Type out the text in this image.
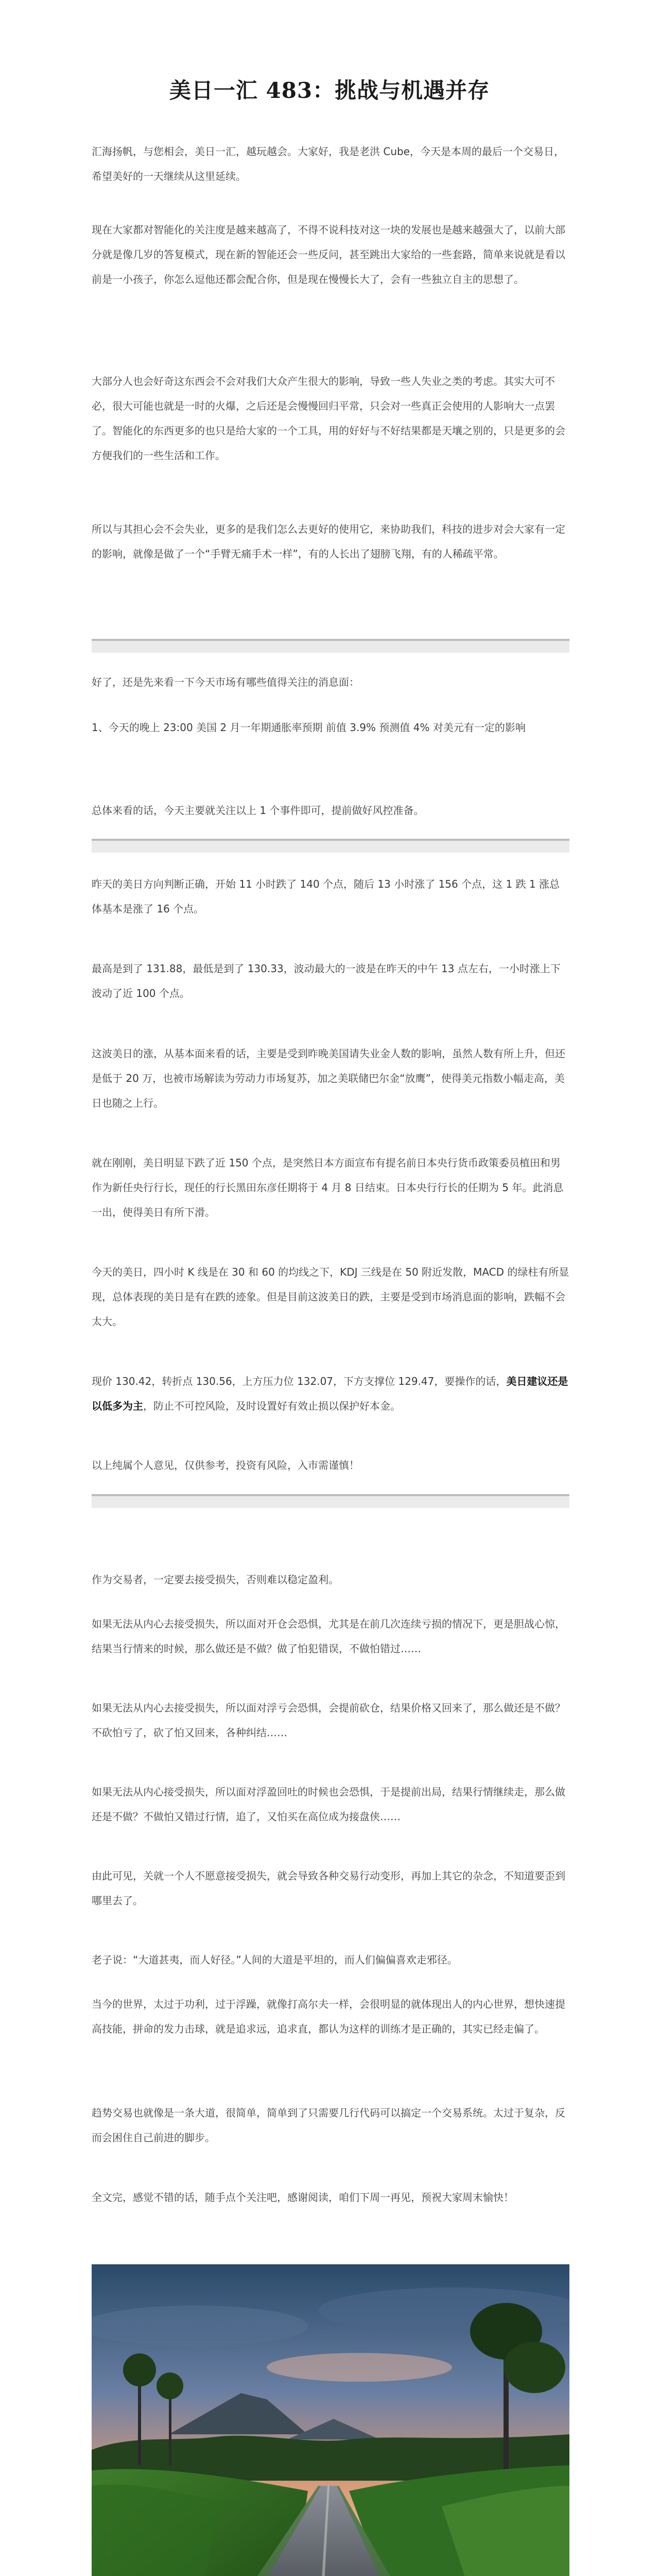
美日一汇 483：挑战与机遇并存

汇海扬帆，与您相会，美日一汇，越玩越会。大家好，我是老洪 Cube，今天是本周的最后一个交易日，希望美好的一天继续从这里延续。

现在大家都对智能化的关注度是越来越高了，不得不说科技对这一块的发展也是越来越强大了，以前大部分就是像几岁的答复模式，现在新的智能还会一些反问，甚至跳出大家给的一些套路，简单来说就是看以前是一小孩子，你怎么逗他还都会配合你，但是现在慢慢长大了，会有一些独立自主的思想了。

大部分人也会好奇这东西会不会对我们大众产生很大的影响，导致一些人失业之类的考虑。其实大可不必，很大可能也就是一时的火爆，之后还是会慢慢回归平常，只会对一些真正会使用的人影响大一点罢了。智能化的东西更多的也只是给大家的一个工具，用的好好与不好结果都是天壤之别的，只是更多的会方便我们的一些生活和工作。

所以与其担心会不会失业，更多的是我们怎么去更好的使用它，来协助我们，科技的进步对会大家有一定的影响，就像是做了一个“手臂无痛手术一样”，有的人长出了翅膀飞翔，有的人稀疏平常。

好了，还是先来看一下今天市场有哪些值得关注的消息面：

1、今天的晚上 23:00 美国 2 月一年期通胀率预期 前值 3.9% 预测值 4% 对美元有一定的影响

总体来看的话，今天主要就关注以上 1 个事件即可，提前做好风控准备。

昨天的美日方向判断正确，开始 11 小时跌了 140 个点，随后 13 小时涨了 156 个点，这 1 跌 1 涨总体基本是涨了 16 个点。

最高是到了 131.88，最低是到了 130.33，波动最大的一波是在昨天的中午 13 点左右，一小时涨上下波动了近 100 个点。

这波美日的涨，从基本面来看的话，主要是受到昨晚美国请失业金人数的影响，虽然人数有所上升，但还是低于 20 万，也被市场解读为劳动力市场复苏，加之美联储巴尔金“放鹰”，使得美元指数小幅走高，美日也随之上行。

就在刚刚，美日明显下跌了近 150 个点，是突然日本方面宣布有提名前日本央行货币政策委员植田和男作为新任央行行长，现任的行长黑田东彦任期将于 4 月 8 日结束。日本央行行长的任期为 5 年。此消息一出，使得美日有所下滑。

今天的美日，四小时 K 线是在 30 和 60 的均线之下，KDJ 三线是在 50 附近发散，MACD 的绿柱有所显现，总体表现的美日是有在跌的迹象。但是目前这波美日的跌，主要是受到市场消息面的影响，跌幅不会太大。

现价 130.42，转折点 130.56，上方压力位 132.07，下方支撑位 129.47，要操作的话，美日建议还是以低多为主，防止不可控风险，及时设置好有效止损以保护好本金。

以上纯属个人意见，仅供参考，投资有风险，入市需谨慎！

作为交易者，一定要去接受损失，否则难以稳定盈利。

如果无法从内心去接受损失，所以面对开仓会恐惧，尤其是在前几次连续亏损的情况下，更是胆战心惊，结果当行情来的时候，那么做还是不做？做了怕犯错误，不做怕错过……

如果无法从内心去接受损失，所以面对浮亏会恐惧，会提前砍仓，结果价格又回来了，那么做还是不做？不砍怕亏了，砍了怕又回来，各种纠结……

如果无法从内心接受损失，所以面对浮盈回吐的时候也会恐惧，于是提前出局，结果行情继续走，那么做还是不做？不做怕又错过行情，追了，又怕买在高位成为接盘侠……

由此可见，关就一个人不愿意接受损失，就会导致各种交易行动变形，再加上其它的杂念，不知道要歪到哪里去了。

老子说：“大道甚夷，而人好径。”人间的大道是平坦的，而人们偏偏喜欢走邪径。

当今的世界，太过于功利，过于浮躁，就像打高尔夫一样，会很明显的就体现出人的内心世界，想快速提高技能，拼命的发力击球，就是追求远，追求直，都认为这样的训练才是正确的，其实已经走偏了。

趋势交易也就像是一条大道，很简单，简单到了只需要几行代码可以搞定一个交易系统。太过于复杂，反而会困住自己前进的脚步。

全文完，感觉不错的话，随手点个关注吧，感谢阅读，咱们下周一再见，预祝大家周末愉快！
